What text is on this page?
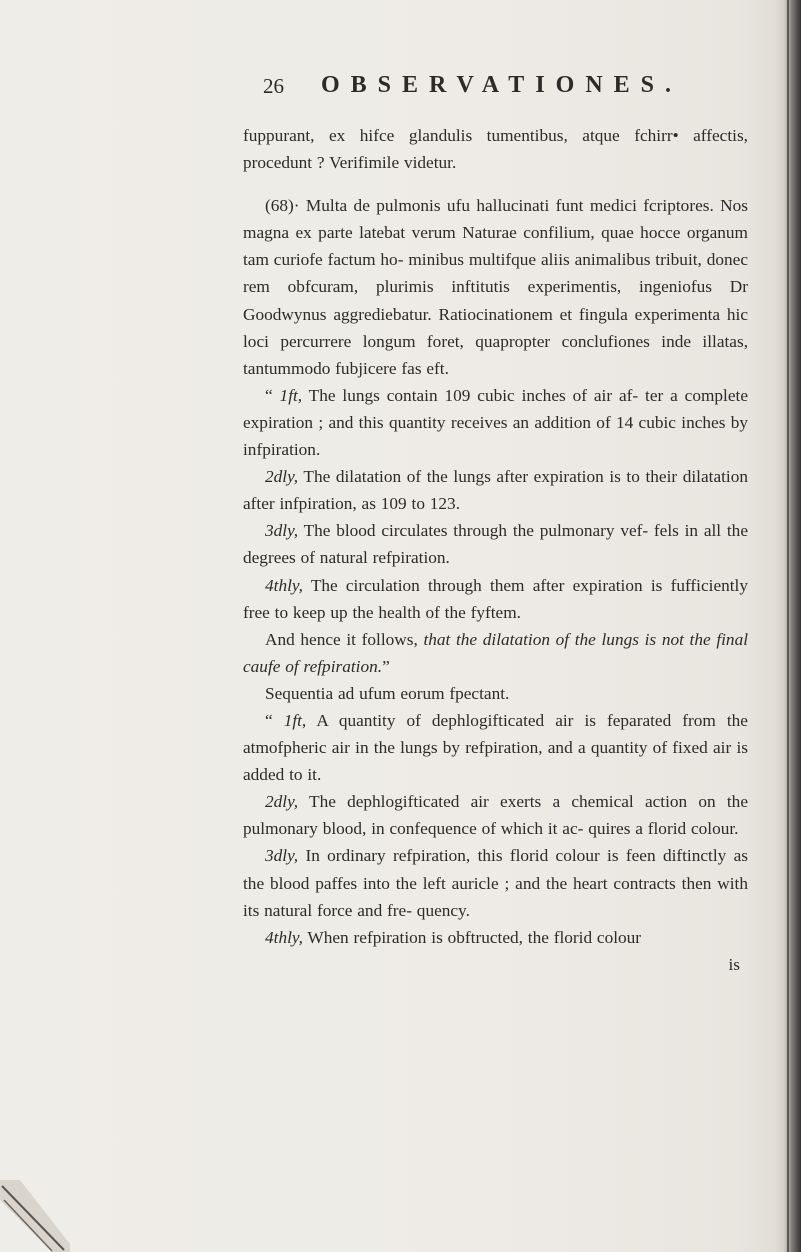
26 OBSERVATIONES.

fuppurant, ex hifce glandulis tumentibus, atque fchirr• affectis, procedunt ? Verifimile videtur.

(68)· Multa de pulmonis ufu hallucinati funt medici fcriptores. Nos magna ex parte latebat verum Naturae confilium, quae hocce organum tam curiofe factum ho- minibus multifque aliis animalibus tribuit, donec rem obfcuram, plurimis inftitutis experimentis, ingeniofus Dr Goodwynus aggrediebatur. Ratiocinationem et fingula experimenta hic loci percurrere longum foret, quapropter conclufiones inde illatas, tantummodo fubjicere fas eft.

“ 1ft, The lungs contain 109 cubic inches of air af- ter a complete expiration ; and this quantity receives an addition of 14 cubic inches by infpiration.

2dly, The dilatation of the lungs after expiration is to their dilatation after infpiration, as 109 to 123.

3dly, The blood circulates through the pulmonary vef- fels in all the degrees of natural refpiration.

4thly, The circulation through them after expiration is fufficiently free to keep up the health of the fyftem.

And hence it follows, that the dilatation of the lungs is not the final caufe of refpiration.”

Sequentia ad ufum eorum fpectant.

“ 1ft, A quantity of dephlogifticated air is feparated from the atmofpheric air in the lungs by refpiration, and a quantity of fixed air is added to it.

2dly, The dephlogifticated air exerts a chemical action on the pulmonary blood, in confequence of which it ac- quires a florid colour.

3dly, In ordinary refpiration, this florid colour is feen diftinctly as the blood paffes into the left auricle ; and the heart contracts then with its natural force and fre- quency.

4thly, When refpiration is obftructed, the florid colour

is
